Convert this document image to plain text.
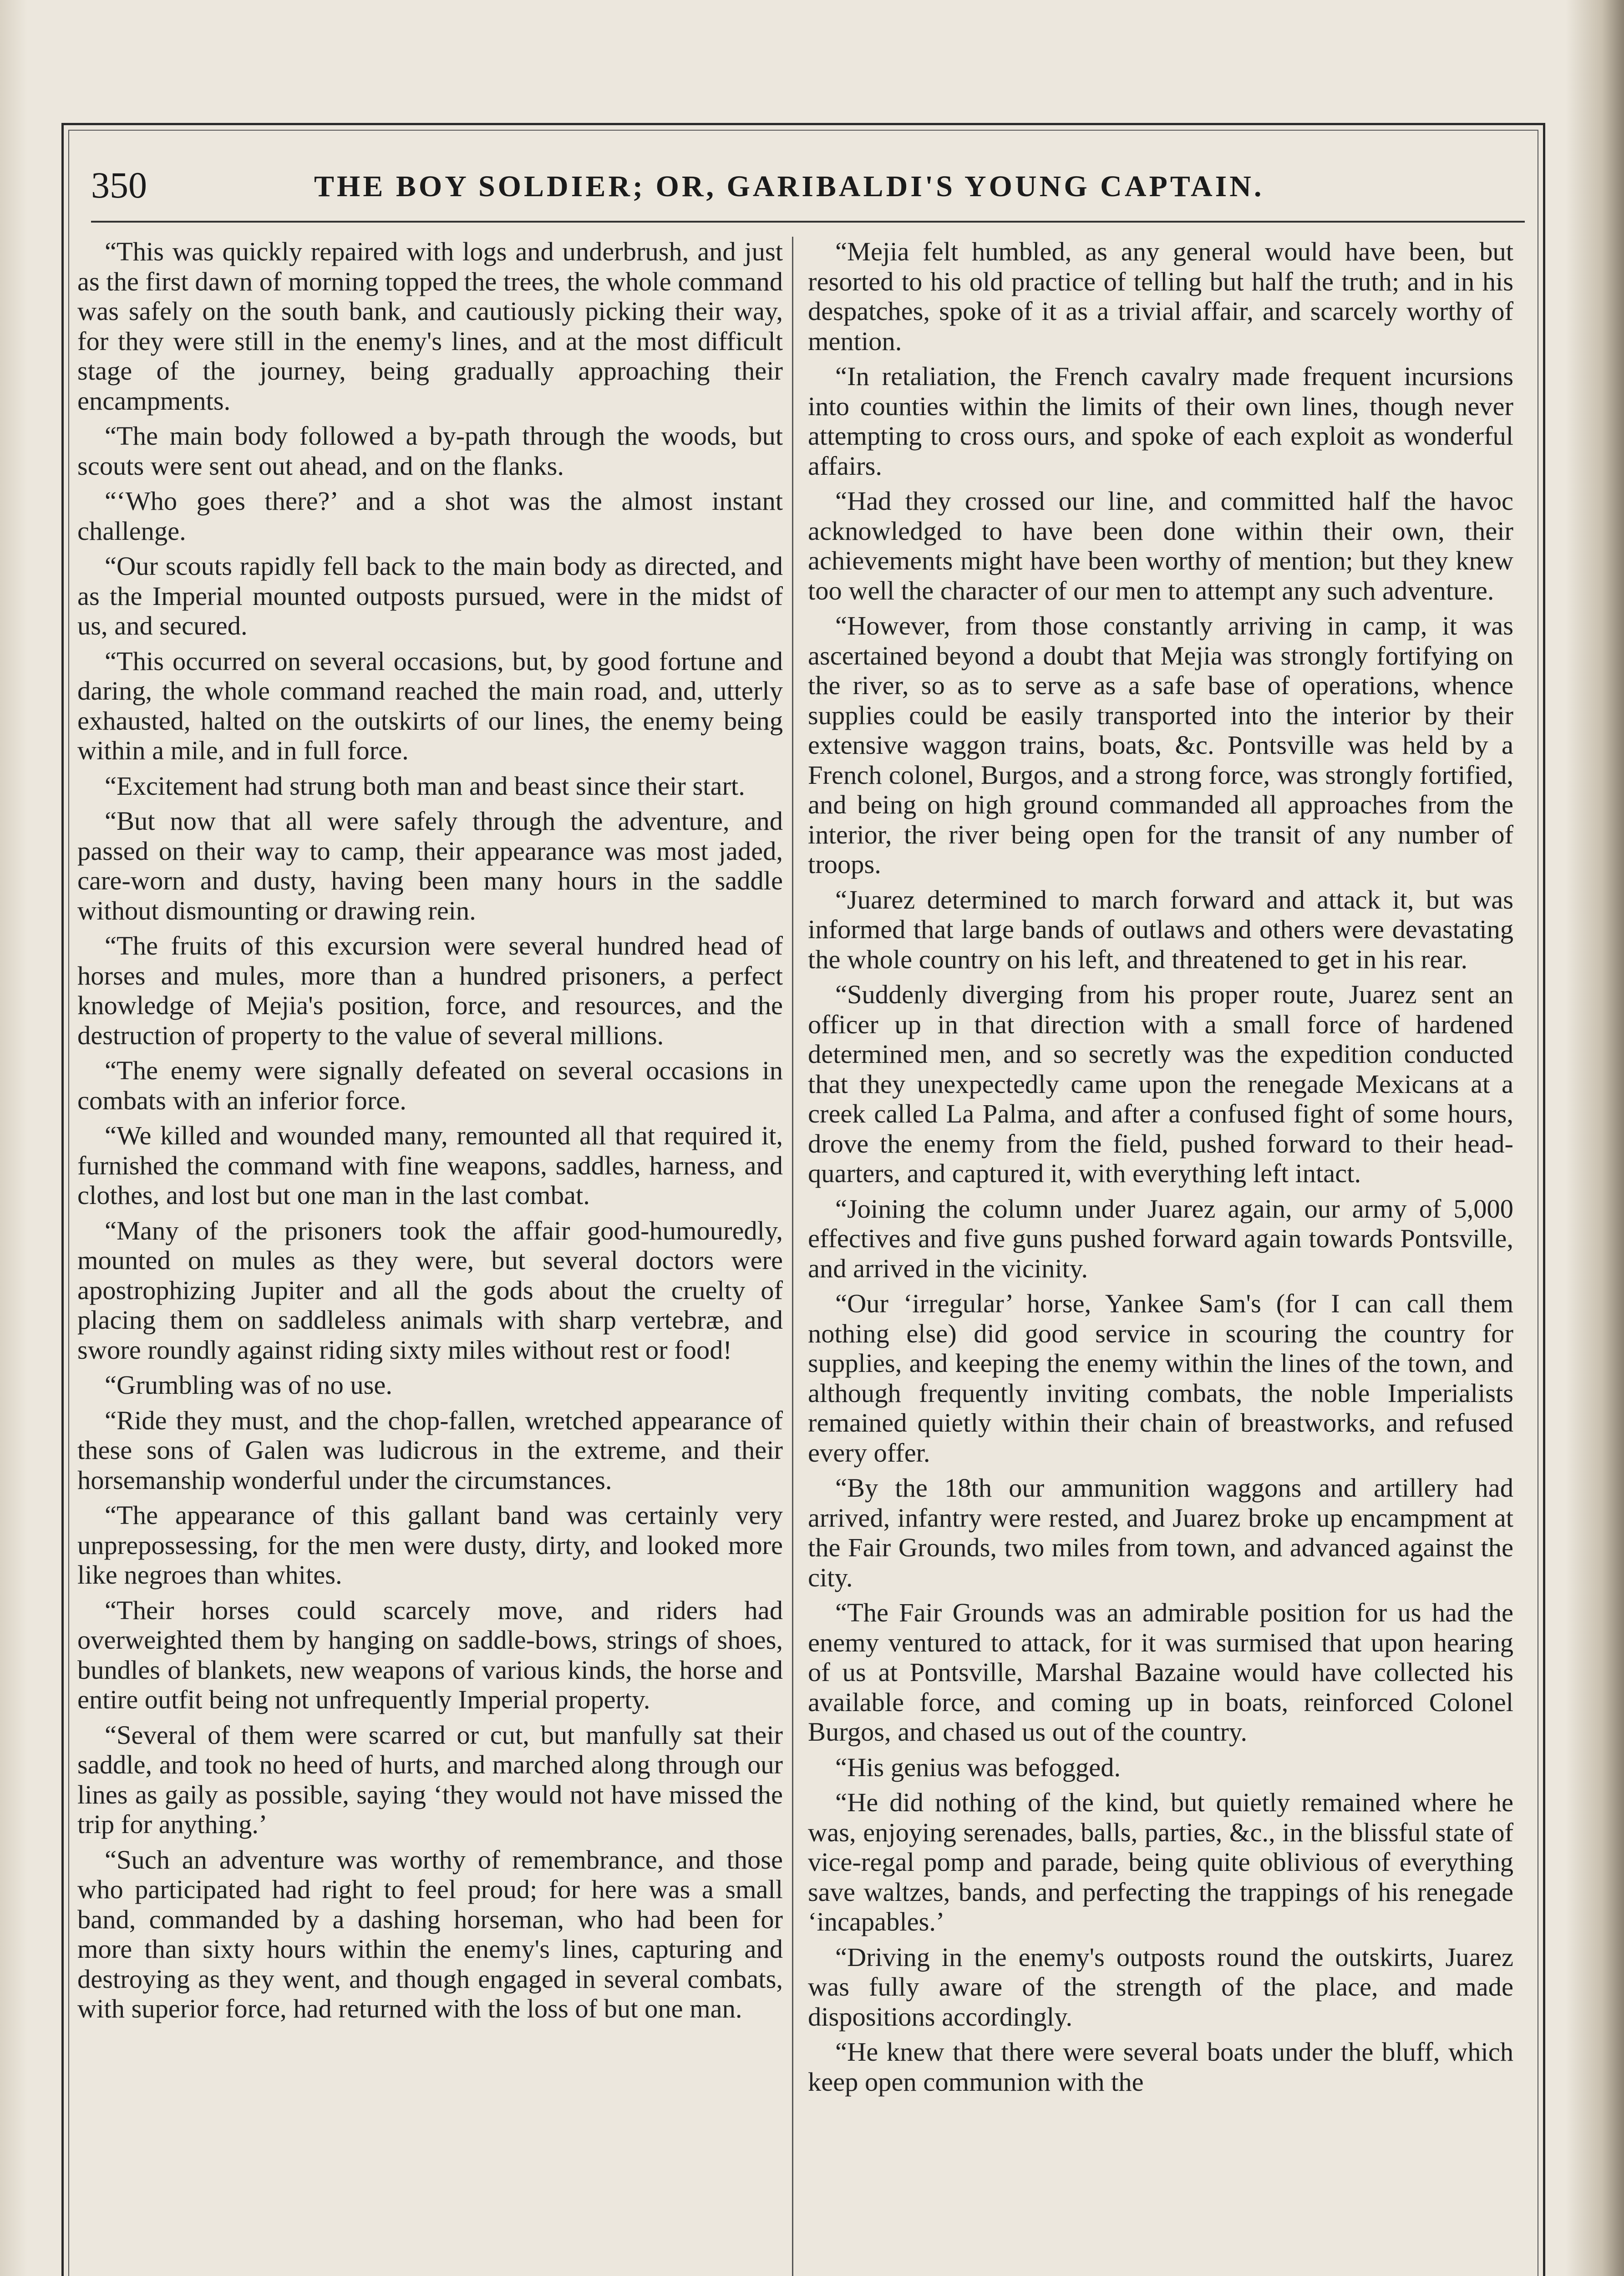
350	THE BOY SOLDIER; OR, GARIBALDI'S YOUNG CAPTAIN.

“This was quickly repaired with logs and underbrush, and just as the first dawn of morning topped the trees, the whole command was safely on the south bank, and cautiously picking their way, for they were still in the enemy's lines, and at the most difficult stage of the journey, being gradually approaching their encampments.

“The main body followed a by-path through the woods, but scouts were sent out ahead, and on the flanks.

“‘Who goes there?’ and a shot was the almost instant challenge.

“Our scouts rapidly fell back to the main body as directed, and as the Imperial mounted outposts pursued, were in the midst of us, and secured.

“This occurred on several occasions, but, by good fortune and daring, the whole command reached the main road, and, utterly exhausted, halted on the outskirts of our lines, the enemy being within a mile, and in full force.

“Excitement had strung both man and beast since their start.

“But now that all were safely through the adventure, and passed on their way to camp, their appearance was most jaded, care-worn and dusty, having been many hours in the saddle without dismounting or drawing rein.

“The fruits of this excursion were several hundred head of horses and mules, more than a hundred prisoners, a perfect knowledge of Mejia's position, force, and resources, and the destruction of property to the value of several millions.

“The enemy were signally defeated on several occasions in combats with an inferior force.

“We killed and wounded many, remounted all that required it, furnished the command with fine weapons, saddles, harness, and clothes, and lost but one man in the last combat.

“Many of the prisoners took the affair good-humouredly, mounted on mules as they were, but several doctors were apostrophizing Jupiter and all the gods about the cruelty of placing them on saddleless animals with sharp vertebræ, and swore roundly against riding sixty miles without rest or food!

“Grumbling was of no use.

“Ride they must, and the chop-fallen, wretched appearance of these sons of Galen was ludicrous in the extreme, and their horsemanship wonderful under the circumstances.

“The appearance of this gallant band was certainly very unprepossessing, for the men were dusty, dirty, and looked more like negroes than whites.

“Their horses could scarcely move, and riders had overweighted them by hanging on saddle-bows, strings of shoes, bundles of blankets, new weapons of various kinds, the horse and entire outfit being not unfrequently Imperial property.

“Several of them were scarred or cut, but manfully sat their saddle, and took no heed of hurts, and marched along through our lines as gaily as possible, saying ‘they would not have missed the trip for anything.’

“Such an adventure was worthy of remembrance, and those who participated had right to feel proud; for here was a small band, commanded by a dashing horseman, who had been for more than sixty hours within the enemy's lines, capturing and destroying as they went, and though engaged in several combats, with superior force, had returned with the loss of but one man.

“Mejia felt humbled, as any general would have been, but resorted to his old practice of telling but half the truth; and in his despatches, spoke of it as a trivial affair, and scarcely worthy of mention.

“In retaliation, the French cavalry made frequent incursions into counties within the limits of their own lines, though never attempting to cross ours, and spoke of each exploit as wonderful affairs.

“Had they crossed our line, and committed half the havoc acknowledged to have been done within their own, their achievements might have been worthy of mention; but they knew too well the character of our men to attempt any such adventure.

“However, from those constantly arriving in camp, it was ascertained beyond a doubt that Mejia was strongly fortifying on the river, so as to serve as a safe base of operations, whence supplies could be easily transported into the interior by their extensive waggon trains, boats, &c. Pontsville was held by a French colonel, Burgos, and a strong force, was strongly fortified, and being on high ground commanded all approaches from the interior, the river being open for the transit of any number of troops.

“Juarez determined to march forward and attack it, but was informed that large bands of outlaws and others were devastating the whole country on his left, and threatened to get in his rear.

“Suddenly diverging from his proper route, Juarez sent an officer up in that direction with a small force of hardened determined men, and so secretly was the expedition conducted that they unexpectedly came upon the renegade Mexicans at a creek called La Palma, and after a confused fight of some hours, drove the enemy from the field, pushed forward to their head-quarters, and captured it, with everything left intact.

“Joining the column under Juarez again, our army of 5,000 effectives and five guns pushed forward again towards Pontsville, and arrived in the vicinity.

“Our ‘irregular’ horse, Yankee Sam's (for I can call them nothing else) did good service in scouring the country for supplies, and keeping the enemy within the lines of the town, and although frequently inviting combats, the noble Imperialists remained quietly within their chain of breastworks, and refused every offer.

“By the 18th our ammunition waggons and artillery had arrived, infantry were rested, and Juarez broke up encampment at the Fair Grounds, two miles from town, and advanced against the city.

“The Fair Grounds was an admirable position for us had the enemy ventured to attack, for it was surmised that upon hearing of us at Pontsville, Marshal Bazaine would have collected his available force, and coming up in boats, reinforced Colonel Burgos, and chased us out of the country.

“His genius was befogged.

“He did nothing of the kind, but quietly remained where he was, enjoying serenades, balls, parties, &c., in the blissful state of vice-regal pomp and parade, being quite oblivious of everything save waltzes, bands, and perfecting the trappings of his renegade ‘incapables.’

“Driving in the enemy's outposts round the outskirts, Juarez was fully aware of the strength of the place, and made dispositions accordingly.

“He knew that there were several boats under the bluff, which keep open communion with the
